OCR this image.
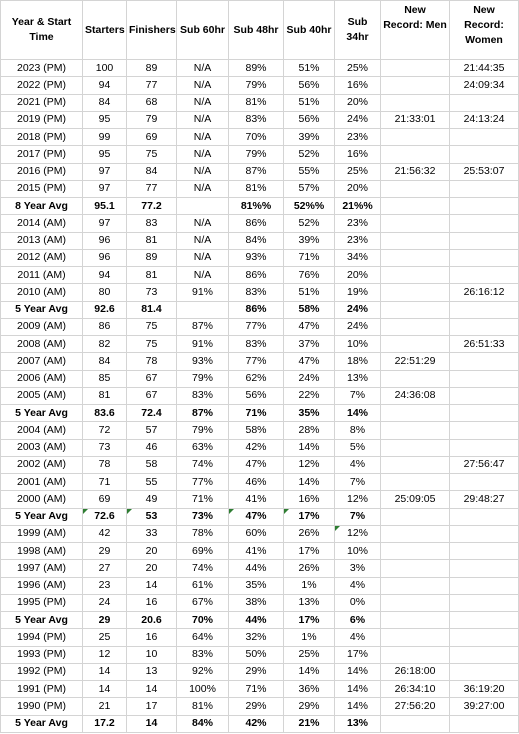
Year & Start Time	Starters	Finishers	Sub 60hr	Sub 48hr	Sub 40hr	Sub 34hr	New Record: Men	New Record: Women
2023 (PM)	100	89	N/A	89%	51%	25%		21:44:35
2022 (PM)	94	77	N/A	79%	56%	16%		24:09:34
2021 (PM)	84	68	N/A	81%	51%	20%		
2019 (PM)	95	79	N/A	83%	56%	24%	21:33:01	24:13:24
2018 (PM)	99	69	N/A	70%	39%	23%		
2017 (PM)	95	75	N/A	79%	52%	16%		
2016 (PM)	97	84	N/A	87%	55%	25%	21:56:32	25:53:07
2015 (PM)	97	77	N/A	81%	57%	20%		
8 Year Avg	95.1	77.2		81%%	52%%	21%%		
2014 (AM)	97	83	N/A	86%	52%	23%		
2013 (AM)	96	81	N/A	84%	39%	23%		
2012 (AM)	96	89	N/A	93%	71%	34%		
2011 (AM)	94	81	N/A	86%	76%	20%		
2010 (AM)	80	73	91%	83%	51%	19%		26:16:12
5 Year Avg	92.6	81.4		86%	58%	24%		
2009 (AM)	86	75	87%	77%	47%	24%		
2008 (AM)	82	75	91%	83%	37%	10%		26:51:33
2007 (AM)	84	78	93%	77%	47%	18%	22:51:29	
2006 (AM)	85	67	79%	62%	24%	13%		
2005 (AM)	81	67	83%	56%	22%	7%	24:36:08	
5 Year Avg	83.6	72.4	87%	71%	35%	14%		
2004 (AM)	72	57	79%	58%	28%	8%		
2003 (AM)	73	46	63%	42%	14%	5%		
2002 (AM)	78	58	74%	47%	12%	4%		27:56:47
2001 (AM)	71	55	77%	46%	14%	7%		
2000 (AM)	69	49	71%	41%	16%	12%	25:09:05	29:48:27
5 Year Avg	72.6	53	73%	47%	17%	7%		
1999 (AM)	42	33	78%	60%	26%	12%		
1998 (AM)	29	20	69%	41%	17%	10%		
1997 (AM)	27	20	74%	44%	26%	3%		
1996 (AM)	23	14	61%	35%	1%	4%		
1995 (PM)	24	16	67%	38%	13%	0%		
5 Year Avg	29	20.6	70%	44%	17%	6%		
1994 (PM)	25	16	64%	32%	1%	4%		
1993 (PM)	12	10	83%	50%	25%	17%		
1992 (PM)	14	13	92%	29%	14%	14%	26:18:00	
1991 (PM)	14	14	100%	71%	36%	14%	26:34:10	36:19:20
1990 (PM)	21	17	81%	29%	29%	14%	27:56:20	39:27:00
5 Year Avg	17.2	14	84%	42%	21%	13%		
